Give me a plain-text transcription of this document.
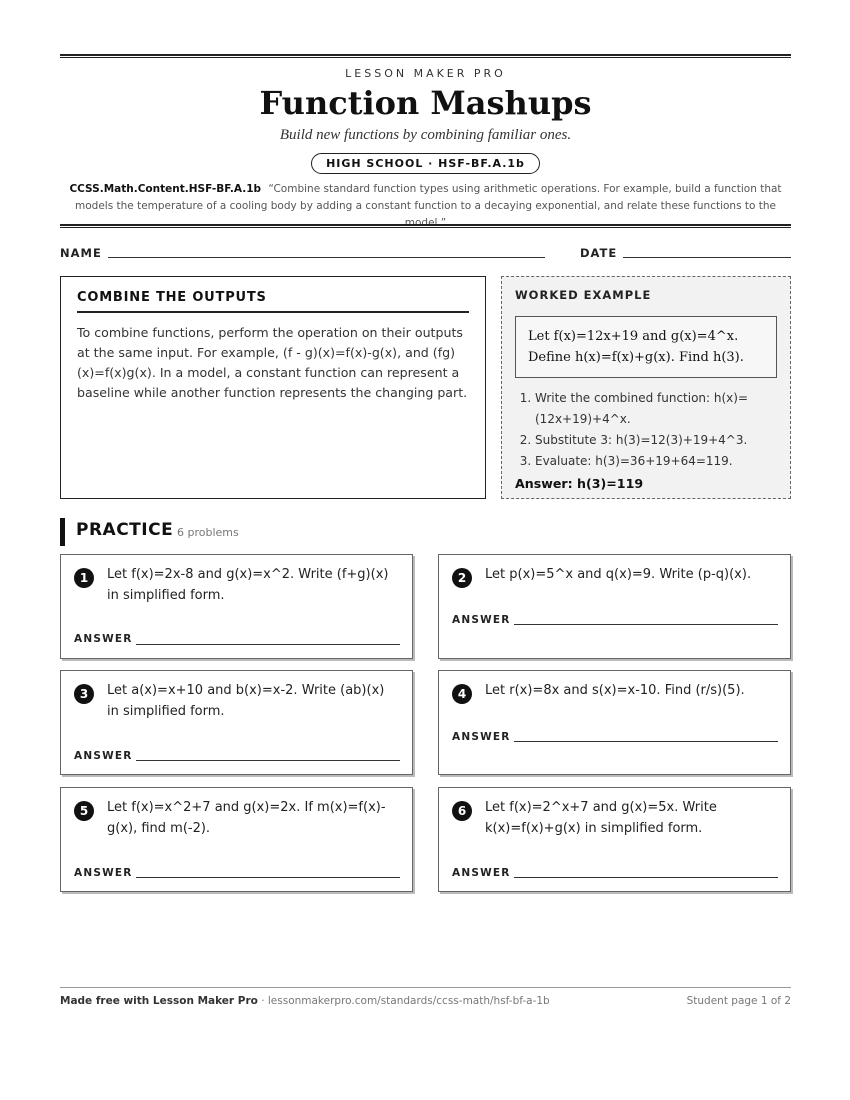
LESSON MAKER PRO
Function Mashups
Build new functions by combining familiar ones.
HIGH SCHOOL · HSF-BF.A.1b
CCSS.Math.Content.HSF-BF.A.1b “Combine standard function types using arithmetic operations. For example, build a function that models the temperature of a cooling body by adding a constant function to a decaying exponential, and relate these functions to the model.”
NAME	DATE
COMBINE THE OUTPUTS

To combine functions, perform the operation on their outputs at the same input. For example, (f - g)(x)=f(x)-g(x), and (fg)(x)=f(x)g(x). In a model, a constant function can represent a baseline while another function represents the changing part.

WORKED EXAMPLE
Let f(x)=12x+19 and g(x)=4^x.
Define h(x)=f(x)+g(x). Find h(3).
1. Write the combined function: h(x)=(12x+19)+4^x.
2. Substitute 3: h(3)=12(3)+19+4^3.
3. Evaluate: h(3)=36+19+64=119.
Answer: h(3)=119
PRACTICE 6 problems
1	Let f(x)=2x-8 and g(x)=x^2. Write (f+g)(x) in simplified form.
ANSWER
2	Let p(x)=5^x and q(x)=9. Write (p-q)(x).
ANSWER
3	Let a(x)=x+10 and b(x)=x-2. Write (ab)(x) in simplified form.
ANSWER
4	Let r(x)=8x and s(x)=x-10. Find (r/s)(5).
ANSWER
5	Let f(x)=x^2+7 and g(x)=2x. If m(x)=f(x)-g(x), find m(-2).
ANSWER
6	Let f(x)=2^x+7 and g(x)=5x. Write k(x)=f(x)+g(x) in simplified form.
ANSWER
Made free with Lesson Maker Pro · lessonmakerpro.com/standards/ccss-math/hsf-bf-a-1b	Student page 1 of 2
